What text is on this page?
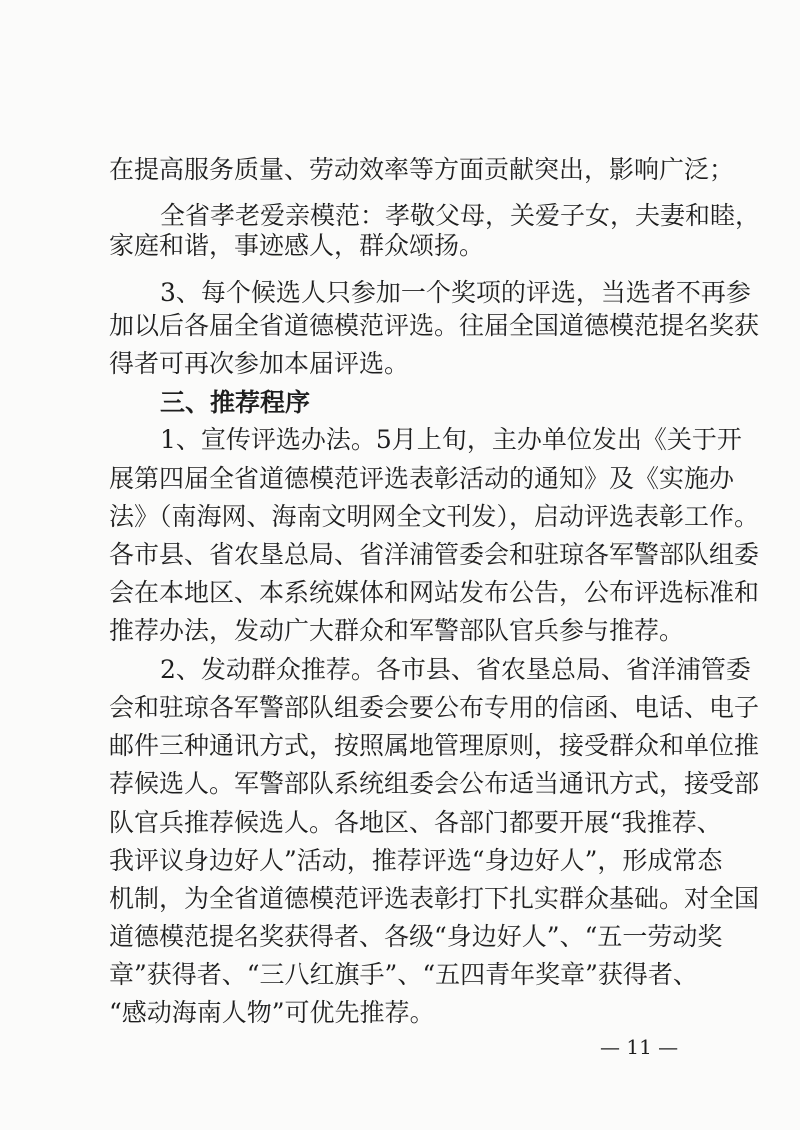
在提高服务质量、劳动效率等方面贡献突出，影响广泛；

全省孝老爱亲模范：孝敬父母，关爱子女，夫妻和睦，

家庭和谐，事迹感人，群众颂扬。

3、每个候选人只参加一个奖项的评选，当选者不再参

加以后各届全省道德模范评选。往届全国道德模范提名奖获

得者可再次参加本届评选。

三、推荐程序

1、宣传评选办法。5月上旬，主办单位发出《关于开

展第四届全省道德模范评选表彰活动的通知》及《实施办

法》（南海网、海南文明网全文刊发），启动评选表彰工作。

各市县、省农垦总局、省洋浦管委会和驻琼各军警部队组委

会在本地区、本系统媒体和网站发布公告，公布评选标准和

推荐办法，发动广大群众和军警部队官兵参与推荐。

2、发动群众推荐。各市县、省农垦总局、省洋浦管委

会和驻琼各军警部队组委会要公布专用的信函、电话、电子

邮件三种通讯方式，按照属地管理原则，接受群众和单位推

荐候选人。军警部队系统组委会公布适当通讯方式，接受部

队官兵推荐候选人。各地区、各部门都要开展“我推荐、

我评议身边好人”活动，推荐评选“身边好人”，形成常态

机制，为全省道德模范评选表彰打下扎实群众基础。对全国

道德模范提名奖获得者、各级“身边好人”、“五一劳动奖

章”获得者、“三八红旗手”、“五四青年奖章”获得者、

“感动海南人物”可优先推荐。

— 11 —
